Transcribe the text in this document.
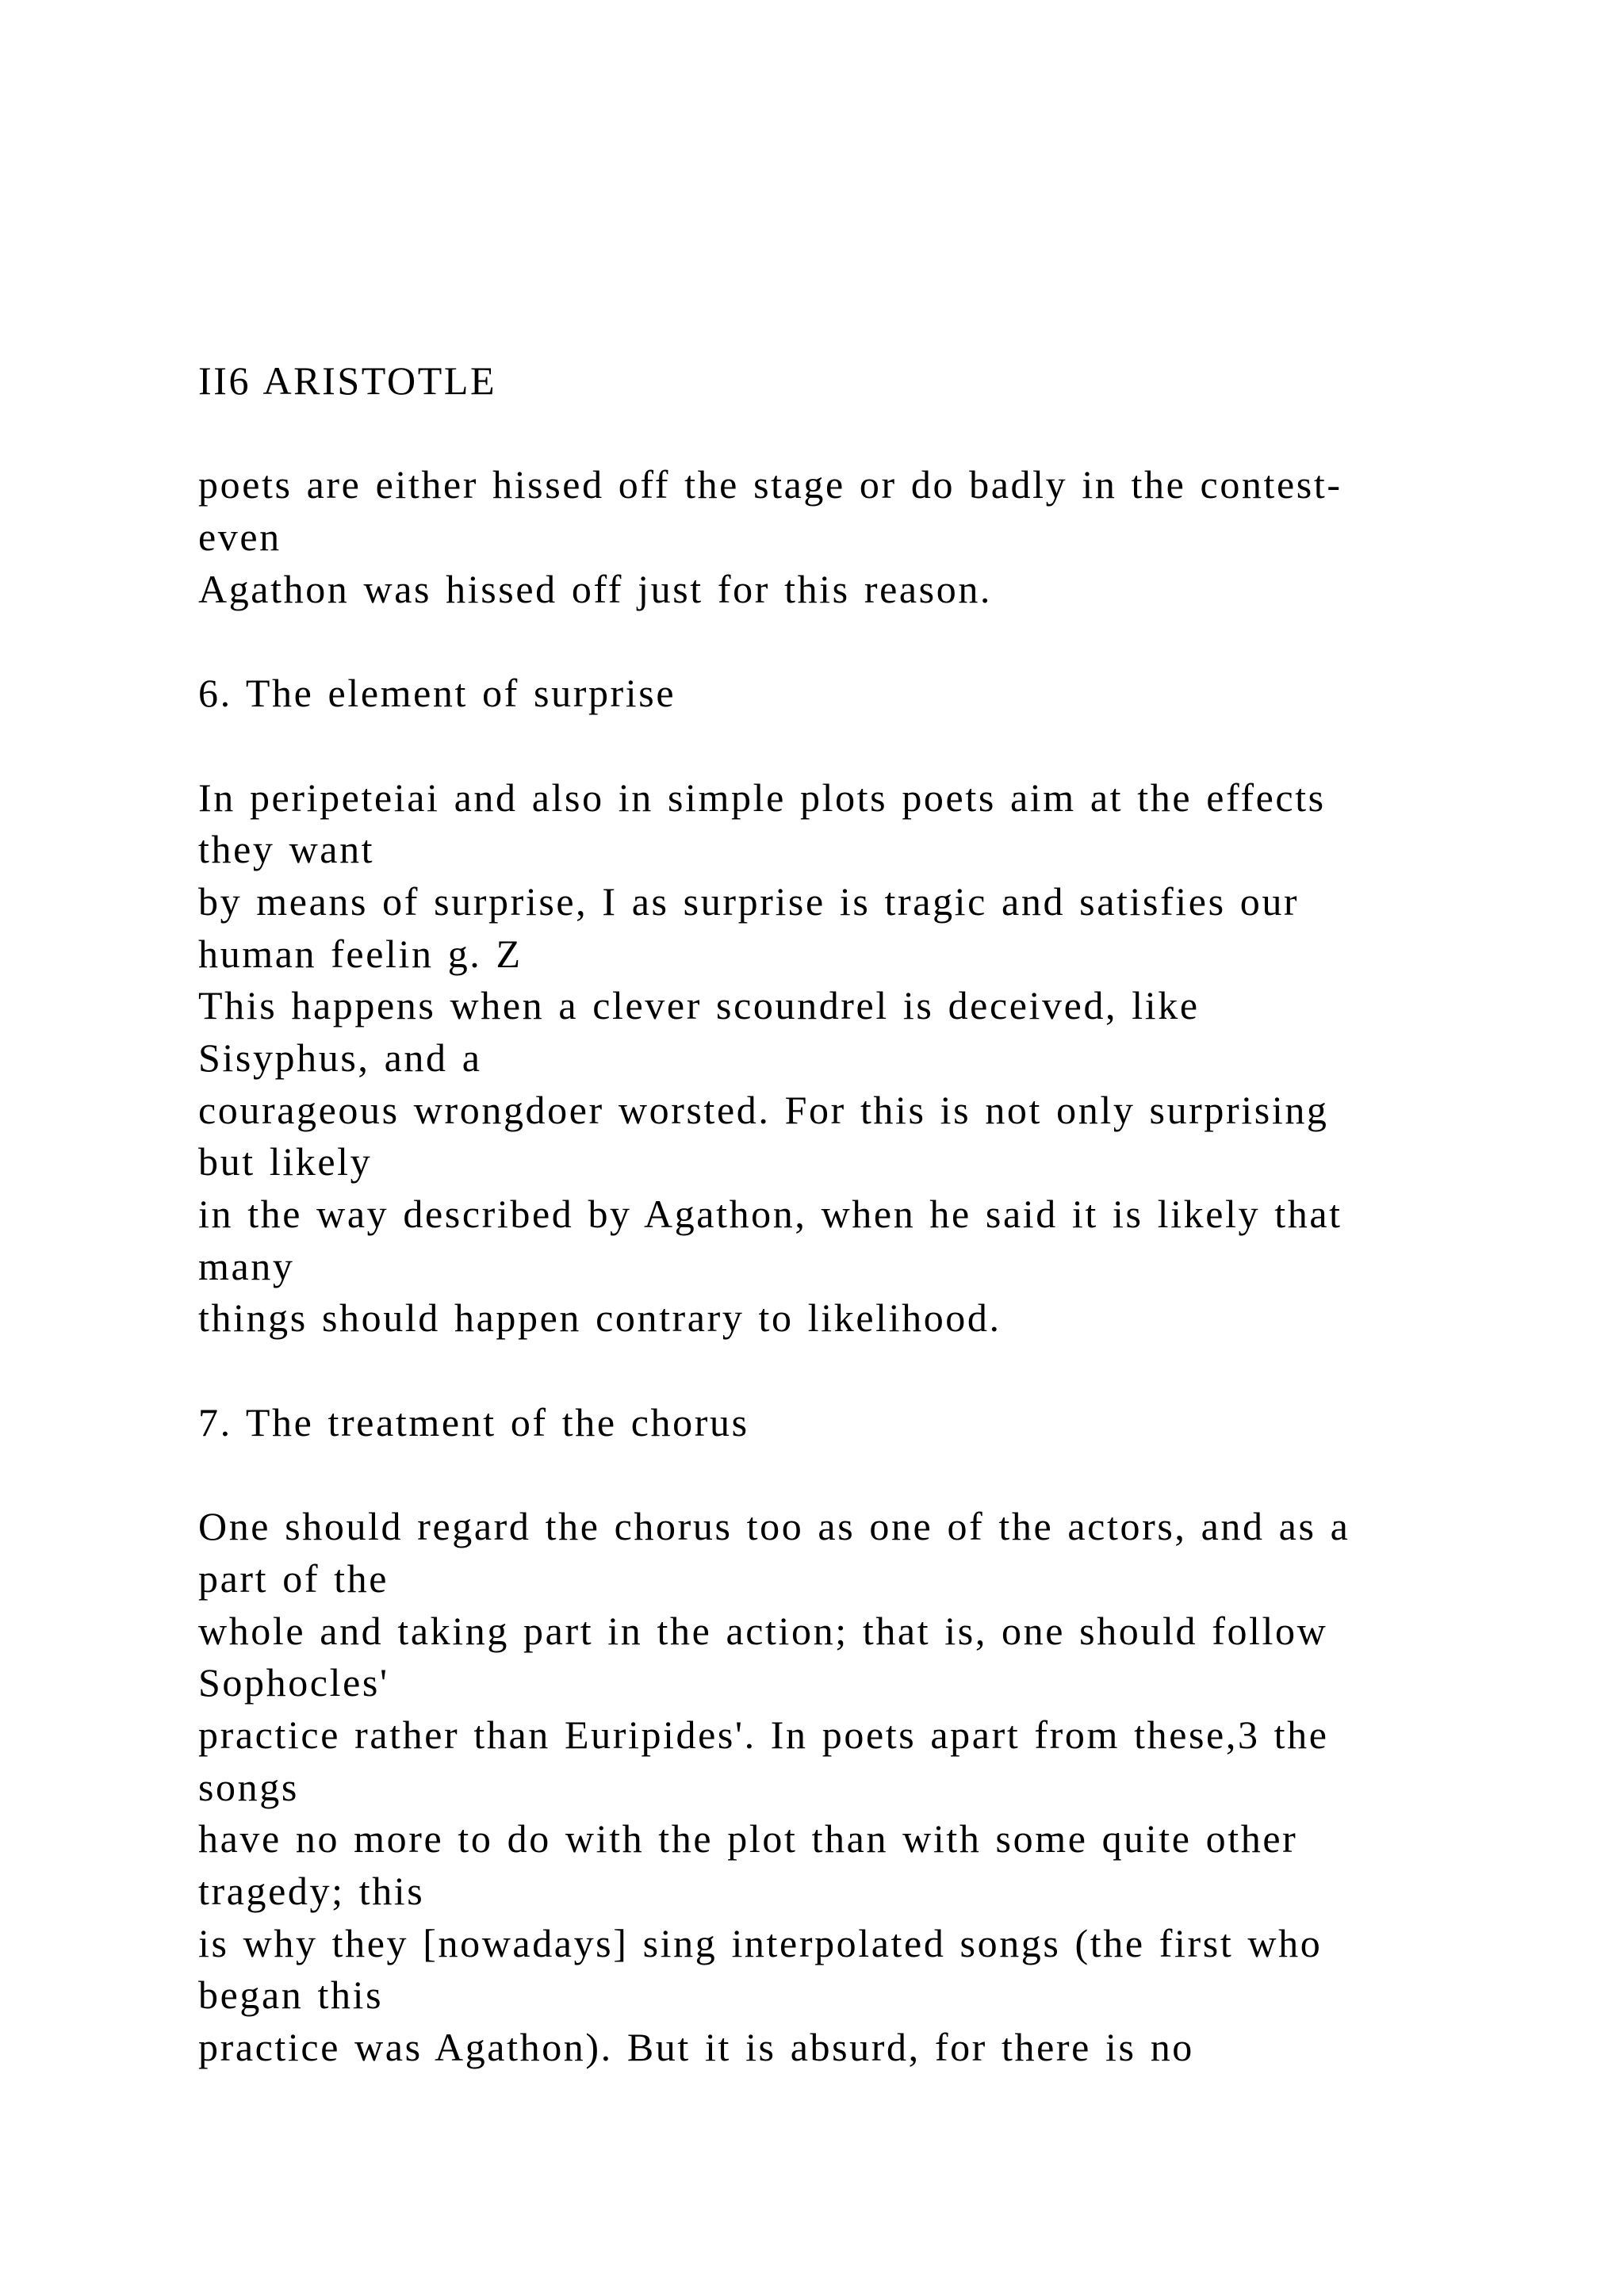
II6 ARISTOTLE
poets are either hissed off the stage or do badly in the contest-
even
Agathon was hissed off just for this reason.
6. The element of surprise
In peripeteiai and also in simple plots poets aim at the effects
they want
by means of surprise, I as surprise is tragic and satisfies our
human feelin g. Z
This happens when a clever scoundrel is deceived, like
Sisyphus, and a
courageous wrongdoer worsted. For this is not only surprising
but likely
in the way described by Agathon, when he said it is likely that
many
things should happen contrary to likelihood.
7. The treatment of the chorus
One should regard the chorus too as one of the actors, and as a
part of the
whole and taking part in the action; that is, one should follow
Sophocles'
practice rather than Euripides'. In poets apart from these,3 the
songs
have no more to do with the plot than with some quite other
tragedy; this
is why they [nowadays] sing interpolated songs (the first who
began this
practice was Agathon). But it is absurd, for there is no
